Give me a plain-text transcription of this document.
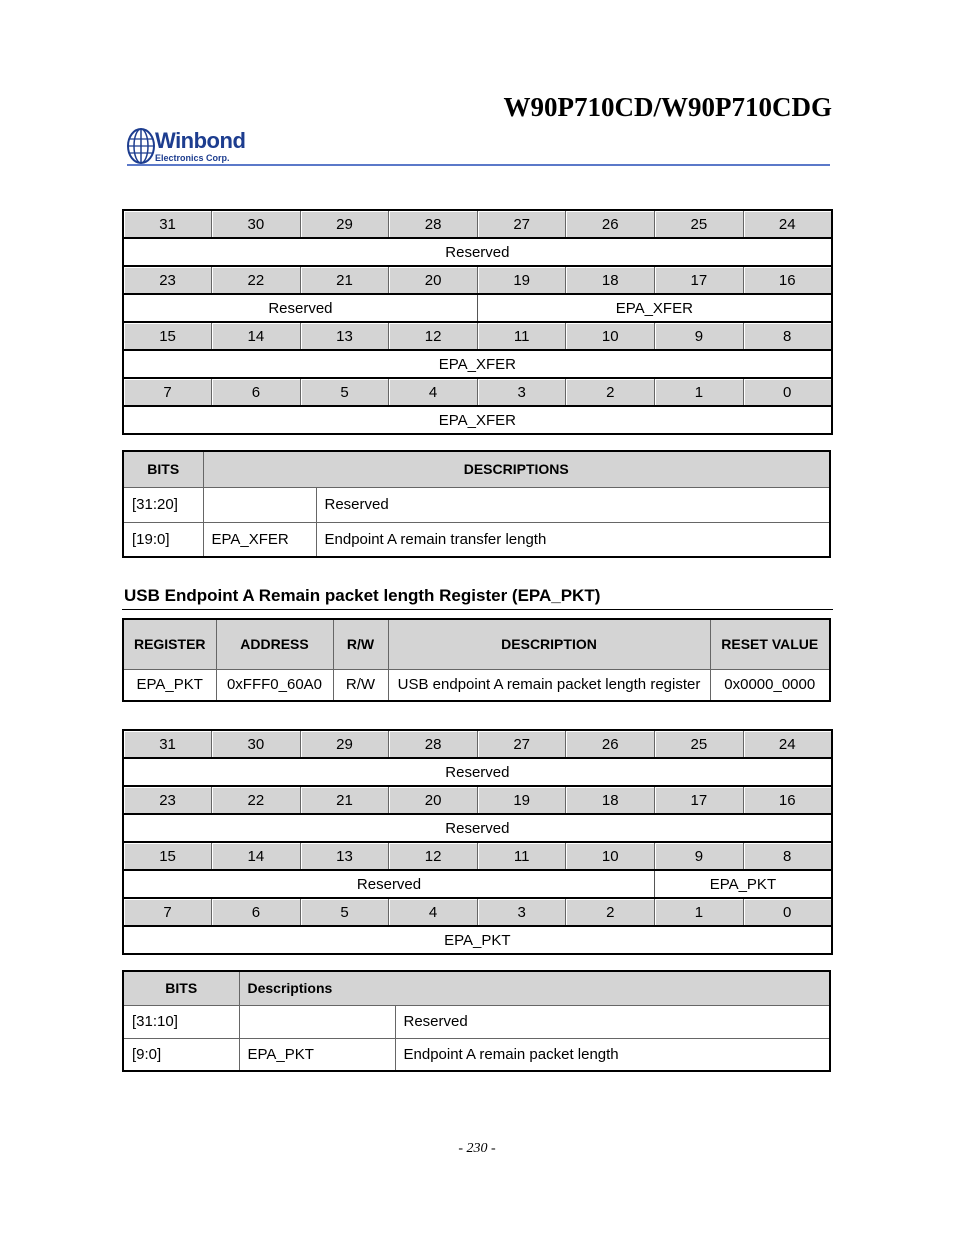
W90P710CD/W90P710CDG
Winbond
Electronics Corp.
31	30	29	28	27	26	25	24
Reserved							
23	22	21	20	19	18	17	16
Reserved				EPA_XFER			
15	14	13	12	11	10	9	8
EPA_XFER							
7	6	5	4	3	2	1	0
EPA_XFER							
BITS	DESCRIPTIONS	
[31:20]		Reserved
[19:0]	EPA_XFER	Endpoint A remain transfer length
USB Endpoint A Remain packet length Register (EPA_PKT)
REGISTER	ADDRESS	R/W	DESCRIPTION	RESET VALUE
EPA_PKT	0xFFF0_60A0	R/W	USB endpoint A remain packet length register	0x0000_0000
31	30	29	28	27	26	25	24
Reserved							
23	22	21	20	19	18	17	16
Reserved							
15	14	13	12	11	10	9	8
Reserved						EPA_PKT	
7	6	5	4	3	2	1	0
EPA_PKT							
BITS	Descriptions	
[31:10]		Reserved
[9:0]	EPA_PKT	Endpoint A remain packet length
- 230 -
